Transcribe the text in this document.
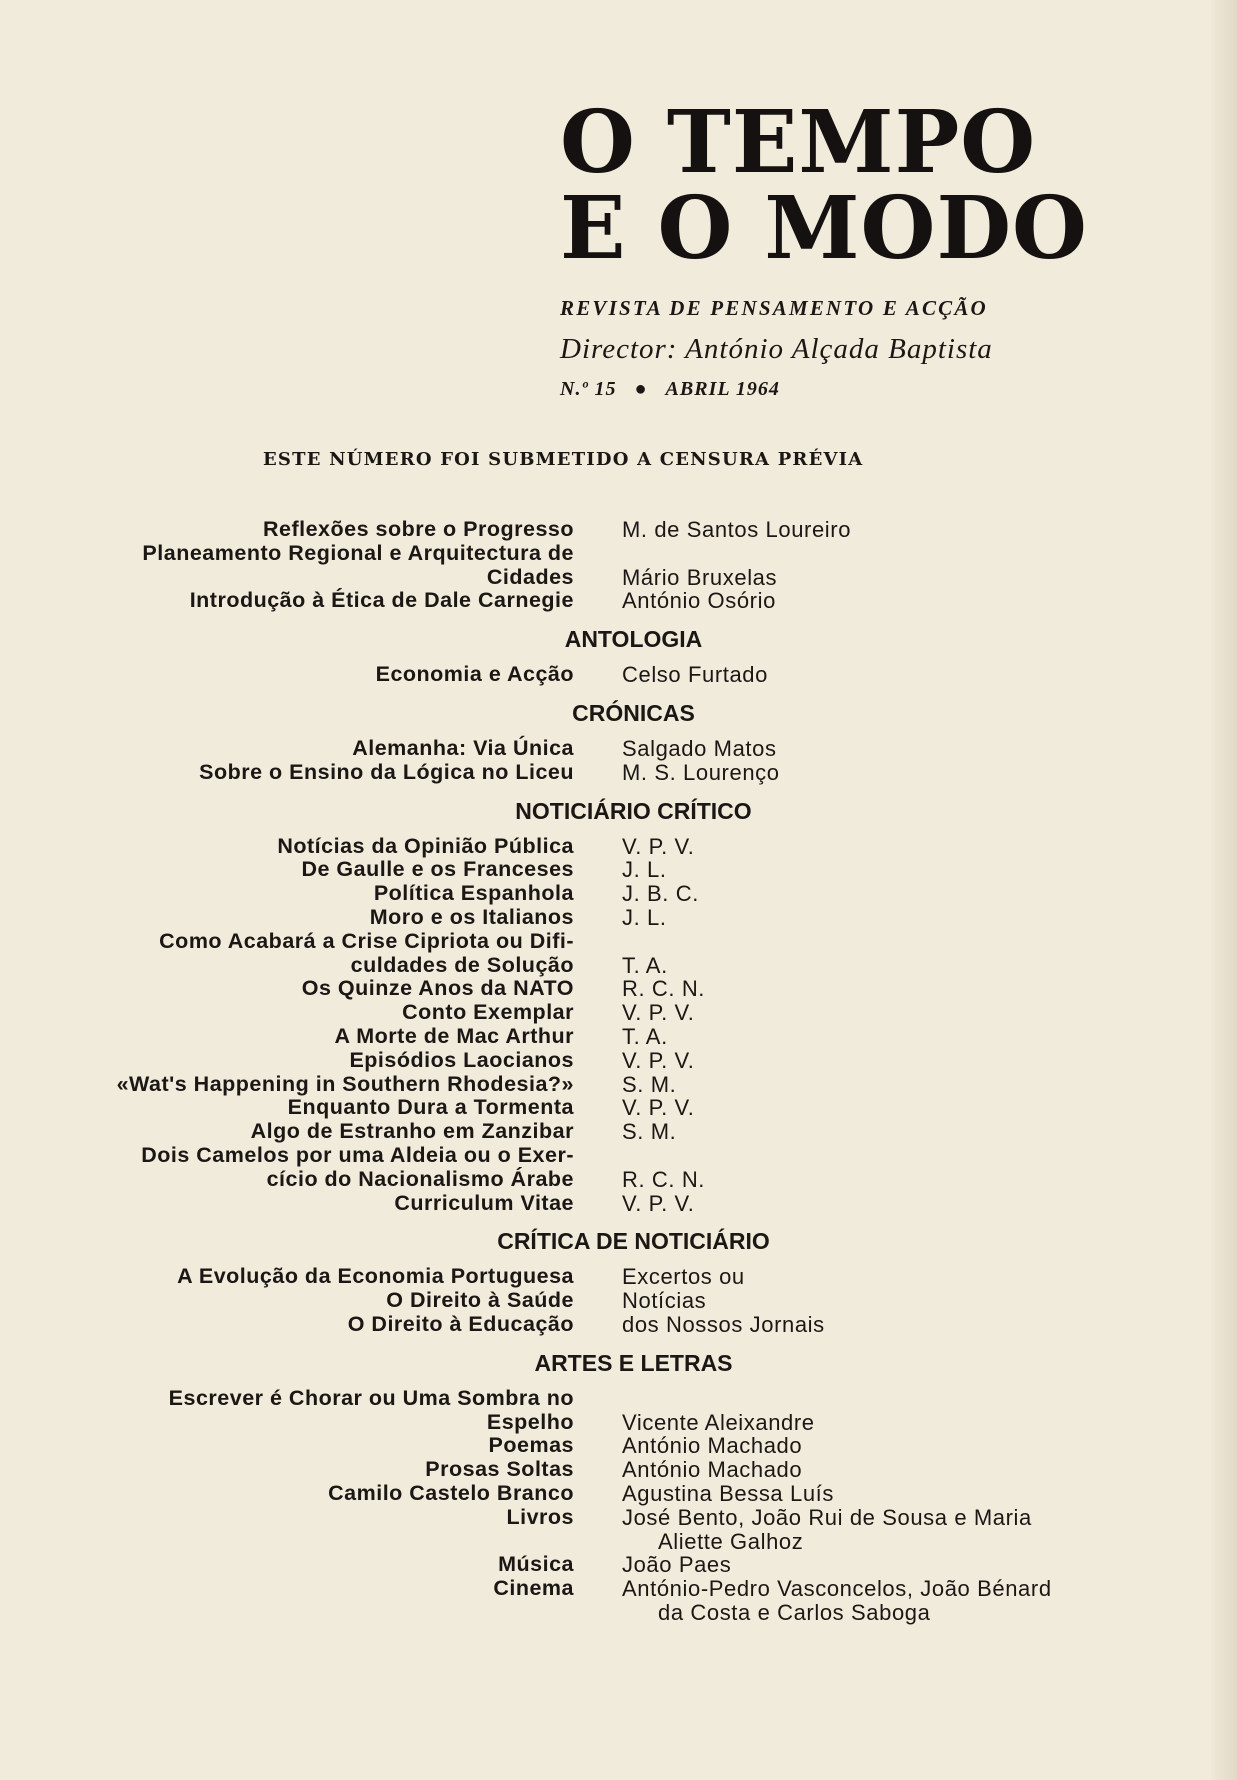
O TEMPO
E O MODO
REVISTA DE PENSAMENTO E ACÇÃO
Director: António Alçada Baptista
N.º 15 ● ABRIL 1964
ESTE NÚMERO FOI SUBMETIDO A CENSURA PRÉVIA
Reflexões sobre o Progresso M. de Santos Loureiro
Planeamento Regional e Arquitectura de
Cidades Mário Bruxelas
Introdução à Ética de Dale Carnegie António Osório
ANTOLOGIA
Economia e Acção Celso Furtado
CRÓNICAS
Alemanha: Via Única Salgado Matos
Sobre o Ensino da Lógica no Liceu M. S. Lourenço
NOTICIÁRIO CRÍTICO
Notícias da Opinião Pública V. P. V.
De Gaulle e os Franceses J. L.
Política Espanhola J. B. C.
Moro e os Italianos J. L.
Como Acabará a Crise Cipriota ou Difi-
culdades de Solução T. A.
Os Quinze Anos da NATO R. C. N.
Conto Exemplar V. P. V.
A Morte de Mac Arthur T. A.
Episódios Laocianos V. P. V.
«Wat's Happening in Southern Rhodesia?» S. M.
Enquanto Dura a Tormenta V. P. V.
Algo de Estranho em Zanzibar S. M.
Dois Camelos por uma Aldeia ou o Exer-
cício do Nacionalismo Árabe R. C. N.
Curriculum Vitae V. P. V.
CRÍTICA DE NOTICIÁRIO
A Evolução da Economia Portuguesa Excertos ou
O Direito à Saúde Notícias
O Direito à Educação dos Nossos Jornais
ARTES E LETRAS
Escrever é Chorar ou Uma Sombra no
Espelho Vicente Aleixandre
Poemas António Machado
Prosas Soltas António Machado
Camilo Castelo Branco Agustina Bessa Luís
Livros José Bento, João Rui de Sousa e Maria
Aliette Galhoz
Música João Paes
Cinema António-Pedro Vasconcelos, João Bénard
da Costa e Carlos Saboga
